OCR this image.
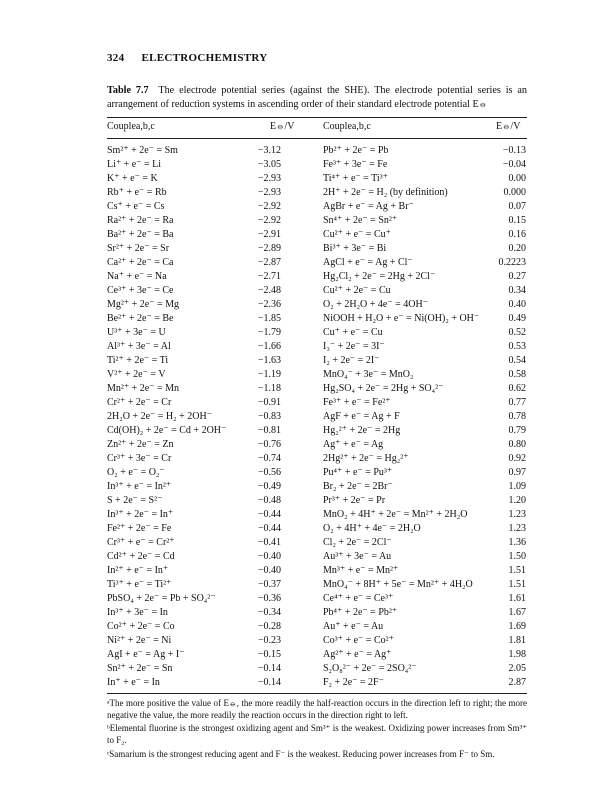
324 ELECTROCHEMISTRY
Table 7.7 The electrode potential series (against the SHE). The electrode potential series is an arrangement of reduction systems in ascending order of their standard electrode potential E⦵
Couplea,b,c	E⦵/V	Couplea,b,c	E⦵/V
Sm²⁺ + 2e⁻ = Sm	−3.12	Pb²⁺ + 2e⁻ = Pb	−0.13
Li⁺ + e⁻ = Li	−3.05	Fe³⁺ + 3e⁻ = Fe	−0.04
K⁺ + e⁻ = K	−2.93	Ti⁴⁺ + e⁻ = Ti³⁺	0.00
Rb⁺ + e⁻ = Rb	−2.93	2H⁺ + 2e⁻ = H₂ (by definition)	0.000
Cs⁺ + e⁻ = Cs	−2.92	AgBr + e⁻ = Ag + Br⁻	0.07
Ra²⁺ + 2e⁻ = Ra	−2.92	Sn⁴⁺ + 2e⁻ = Sn²⁺	0.15
Ba²⁺ + 2e⁻ = Ba	−2.91	Cu²⁺ + e⁻ = Cu⁺	0.16
Sr²⁺ + 2e⁻ = Sr	−2.89	Bi³⁺ + 3e⁻ = Bi	0.20
Ca²⁺ + 2e⁻ = Ca	−2.87	AgCl + e⁻ = Ag + Cl⁻	0.2223
Na⁺ + e⁻ = Na	−2.71	Hg₂Cl₂ + 2e⁻ = 2Hg + 2Cl⁻	0.27
Ce³⁺ + 3e⁻ = Ce	−2.48	Cu²⁺ + 2e⁻ = Cu	0.34
Mg²⁺ + 2e⁻ = Mg	−2.36	O₂ + 2H₂O + 4e⁻ = 4OH⁻	0.40
Be²⁺ + 2e⁻ = Be	−1.85	NiOOH + H₂O + e⁻ = Ni(OH)₂ + OH⁻	0.49
U³⁺ + 3e⁻ = U	−1.79	Cu⁺ + e⁻ = Cu	0.52
Al³⁺ + 3e⁻ = Al	−1.66	I₃⁻ + 2e⁻ = 3I⁻	0.53
Ti²⁺ + 2e⁻ = Ti	−1.63	I₂ + 2e⁻ = 2I⁻	0.54
V²⁺ + 2e⁻ = V	−1.19	MnO₄⁻ + 3e⁻ = MnO₂	0.58
Mn²⁺ + 2e⁻ = Mn	−1.18	Hg₂SO₄ + 2e⁻ = 2Hg + SO₄²⁻	0.62
Cr²⁺ + 2e⁻ = Cr	−0.91	Fe³⁺ + e⁻ = Fe²⁺	0.77
2H₂O + 2e⁻ = H₂ + 2OH⁻	−0.83	AgF + e⁻ = Ag + F	0.78
Cd(OH)₂ + 2e⁻ = Cd + 2OH⁻	−0.81	Hg₂²⁺ + 2e⁻ = 2Hg	0.79
Zn²⁺ + 2e⁻ = Zn	−0.76	Ag⁺ + e⁻ = Ag	0.80
Cr³⁺ + 3e⁻ = Cr	−0.74	2Hg²⁺ + 2e⁻ = Hg₂²⁺	0.92
O₂ + e⁻ = O₂⁻	−0.56	Pu⁴⁺ + e⁻ = Pu³⁺	0.97
In³⁺ + e⁻ = In²⁺	−0.49	Br₂ + 2e⁻ = 2Br⁻	1.09
S + 2e⁻ = S²⁻	−0.48	Pr³⁺ + 2e⁻ = Pr	1.20
In³⁺ + 2e⁻ = In⁺	−0.44	MnO₂ + 4H⁺ + 2e⁻ = Mn²⁺ + 2H₂O	1.23
Fe²⁺ + 2e⁻ = Fe	−0.44	O₂ + 4H⁺ + 4e⁻ = 2H₂O	1.23
Cr³⁺ + e⁻ = Cr²⁺	−0.41	Cl₂ + 2e⁻ = 2Cl⁻	1.36
Cd²⁺ + 2e⁻ = Cd	−0.40	Au³⁺ + 3e⁻ = Au	1.50
In²⁺ + e⁻ = In⁺	−0.40	Mn³⁺ + e⁻ = Mn²⁺	1.51
Ti³⁺ + e⁻ = Ti²⁺	−0.37	MnO₄⁻ + 8H⁺ + 5e⁻ = Mn²⁺ + 4H₂O	1.51
PbSO₄ + 2e⁻ = Pb + SO₄²⁻	−0.36	Ce⁴⁺ + e⁻ = Ce³⁺	1.61
In³⁺ + 3e⁻ = In	−0.34	Pb⁴⁺ + 2e⁻ = Pb²⁺	1.67
Co²⁺ + 2e⁻ = Co	−0.28	Au⁺ + e⁻ = Au	1.69
Ni²⁺ + 2e⁻ = Ni	−0.23	Co³⁺ + e⁻ = Co²⁺	1.81
AgI + e⁻ = Ag + I⁻	−0.15	Ag²⁺ + e⁻ = Ag⁺	1.98
Sn²⁺ + 2e⁻ = Sn	−0.14	S₂O₈²⁻ + 2e⁻ = 2SO₄²⁻	2.05
In⁺ + e⁻ = In	−0.14	F₂ + 2e⁻ = 2F⁻	2.87
ᵃThe more positive the value of E⦵, the more readily the half-reaction occurs in the direction left to right; the more negative the value, the more readily the reaction occurs in the direction right to left.
ᵇElemental fluorine is the strongest oxidizing agent and Sm³⁺ is the weakest. Oxidizing power increases from Sm³⁺ to F₂.
ᶜSamarium is the strongest reducing agent and F⁻ is the weakest. Reducing power increases from F⁻ to Sm.
